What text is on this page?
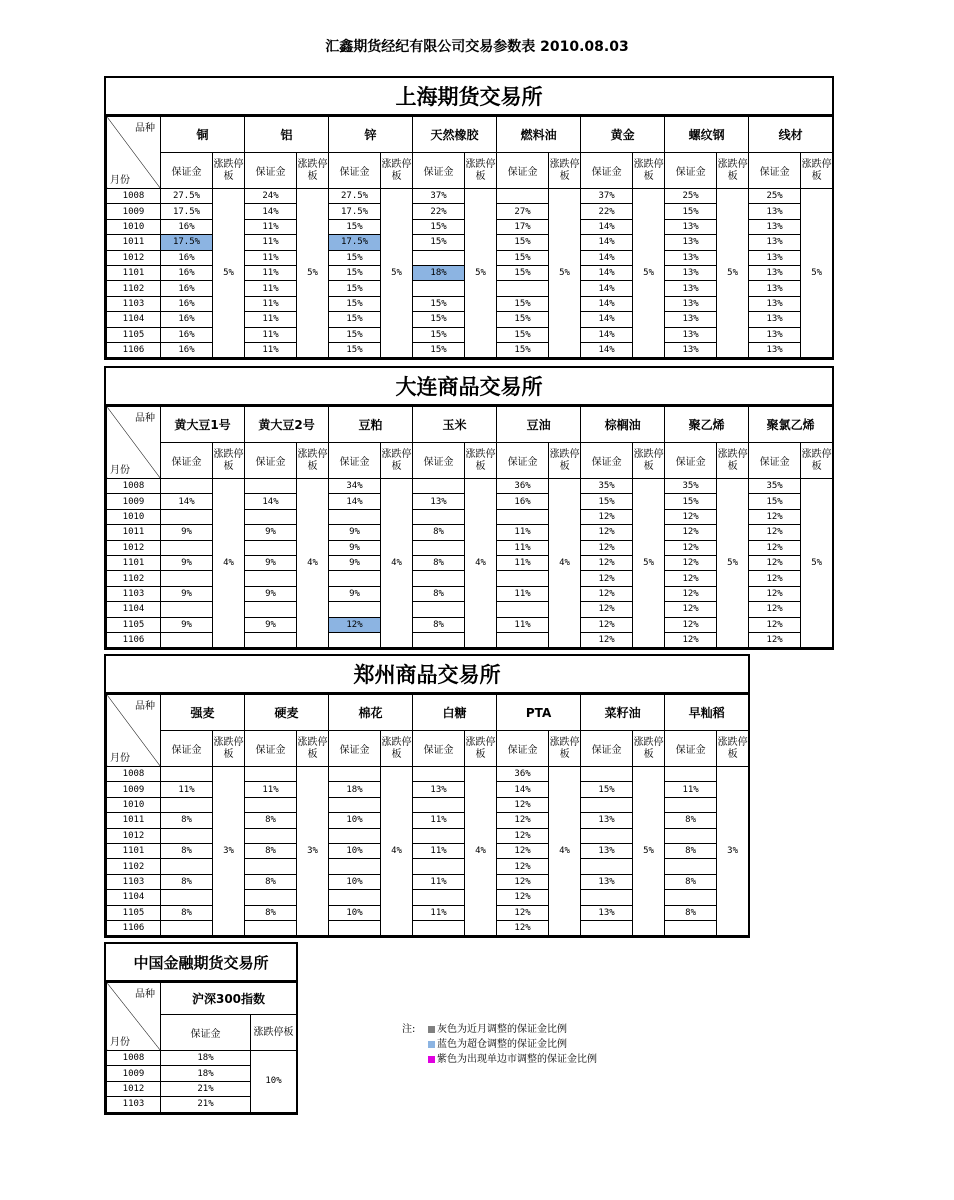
汇鑫期货经纪有限公司交易参数表 2010.08.03
上海期货交易所
品种
月份	铜		铝		锌		天然橡胶		燃料油		黄金		螺纹钢		线材	
	保证金	涨跌停板	保证金	涨跌停板	保证金	涨跌停板	保证金	涨跌停板	保证金	涨跌停板	保证金	涨跌停板	保证金	涨跌停板	保证金	涨跌停板
1008	27.5%	5%	24%	5%	27.5%	5%	37%	5%		5%	37%	5%	25%	5%	25%	5%
1009	17.5%		14%		17.5%		22%		27%		22%		15%		13%	
1010	16%		11%		15%		15%		17%		14%		13%		13%	
1011	17.5%		11%		17.5%		15%		15%		14%		13%		13%	
1012	16%		11%		15%				15%		14%		13%		13%	
1101	16%		11%		15%		18%		15%		14%		13%		13%	
1102	16%		11%		15%						14%		13%		13%	
1103	16%		11%		15%		15%		15%		14%		13%		13%	
1104	16%		11%		15%		15%		15%		14%		13%		13%	
1105	16%		11%		15%		15%		15%		14%		13%		13%	
1106	16%		11%		15%		15%		15%		14%		13%		13%	
大连商品交易所
品种
月份	黄大豆1号		黄大豆2号		豆粕		玉米		豆油		棕榈油		聚乙烯		聚氯乙烯	
	保证金	涨跌停板	保证金	涨跌停板	保证金	涨跌停板	保证金	涨跌停板	保证金	涨跌停板	保证金	涨跌停板	保证金	涨跌停板	保证金	涨跌停板
1008		4%		4%	34%	4%		4%	36%	4%	35%	5%	35%	5%	35%	5%
1009	14%		14%		14%		13%		16%		15%		15%		15%	
1010											12%		12%		12%	
1011	9%		9%		9%		8%		11%		12%		12%		12%	
1012					9%				11%		12%		12%		12%	
1101	9%		9%		9%		8%		11%		12%		12%		12%	
1102											12%		12%		12%	
1103	9%		9%		9%		8%		11%		12%		12%		12%	
1104											12%		12%		12%	
1105	9%		9%		12%		8%		11%		12%		12%		12%	
1106											12%		12%		12%	
郑州商品交易所
品种
月份	强麦		硬麦		棉花		白糖		PTA		菜籽油		早籼稻	
	保证金	涨跌停板	保证金	涨跌停板	保证金	涨跌停板	保证金	涨跌停板	保证金	涨跌停板	保证金	涨跌停板	保证金	涨跌停板
1008		3%		3%		4%		4%	36%	4%		5%		3%
1009	11%		11%		18%		13%		14%		15%		11%	
1010									12%					
1011	8%		8%		10%		11%		12%		13%		8%	
1012									12%					
1101	8%		8%		10%		11%		12%		13%		8%	
1102									12%					
1103	8%		8%		10%		11%		12%		13%		8%	
1104									12%					
1105	8%		8%		10%		11%		12%		13%		8%	
1106									12%					
中国金融期货交易所
品种
月份	沪深300指数	
	保证金	涨跌停板
1008	18%	10%
1009	18%	
1012	21%	
1103	21%	
注:	灰色为近月调整的保证金比例
蓝色为超仓调整的保证金比例
紫色为出现单边市调整的保证金比例
